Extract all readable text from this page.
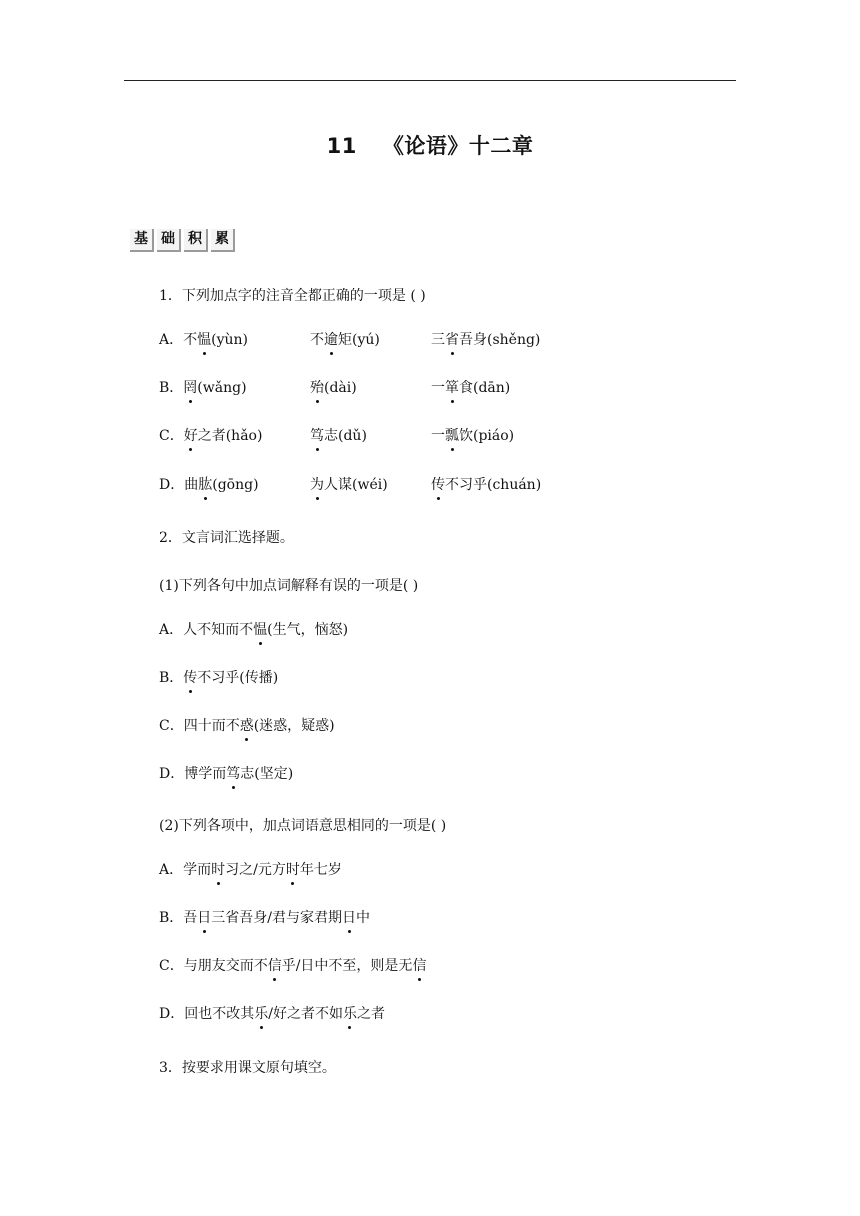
11 《论语》十二章
基 础 积 累
1．下列加点字的注音全都正确的一项是 ( )
A．不愠(yùn)	不逾矩(yú)	三省吾身(shěng)
B．罔(wǎng)	殆(dài)	一箪食(dān)
C．好之者(hǎo)	笃志(dǔ)	一瓢饮(piáo)
D．曲肱(gōng)	为人谋(wéi)	传不习乎(chuán)
2．文言词汇选择题。
(1)下列各句中加点词解释有误的一项是( )
A．人不知而不愠(生气，恼怒)
B．传不习乎(传播)
C．四十而不惑(迷惑，疑惑)
D．博学而笃志(坚定)
(2)下列各项中，加点词语意思相同的一项是( )
A．学而时习之/元方时年七岁
B．吾日三省吾身/君与家君期日中
C．与朋友交而不信乎/日中不至，则是无信
D．回也不改其乐/好之者不如乐之者
3．按要求用课文原句填空。
